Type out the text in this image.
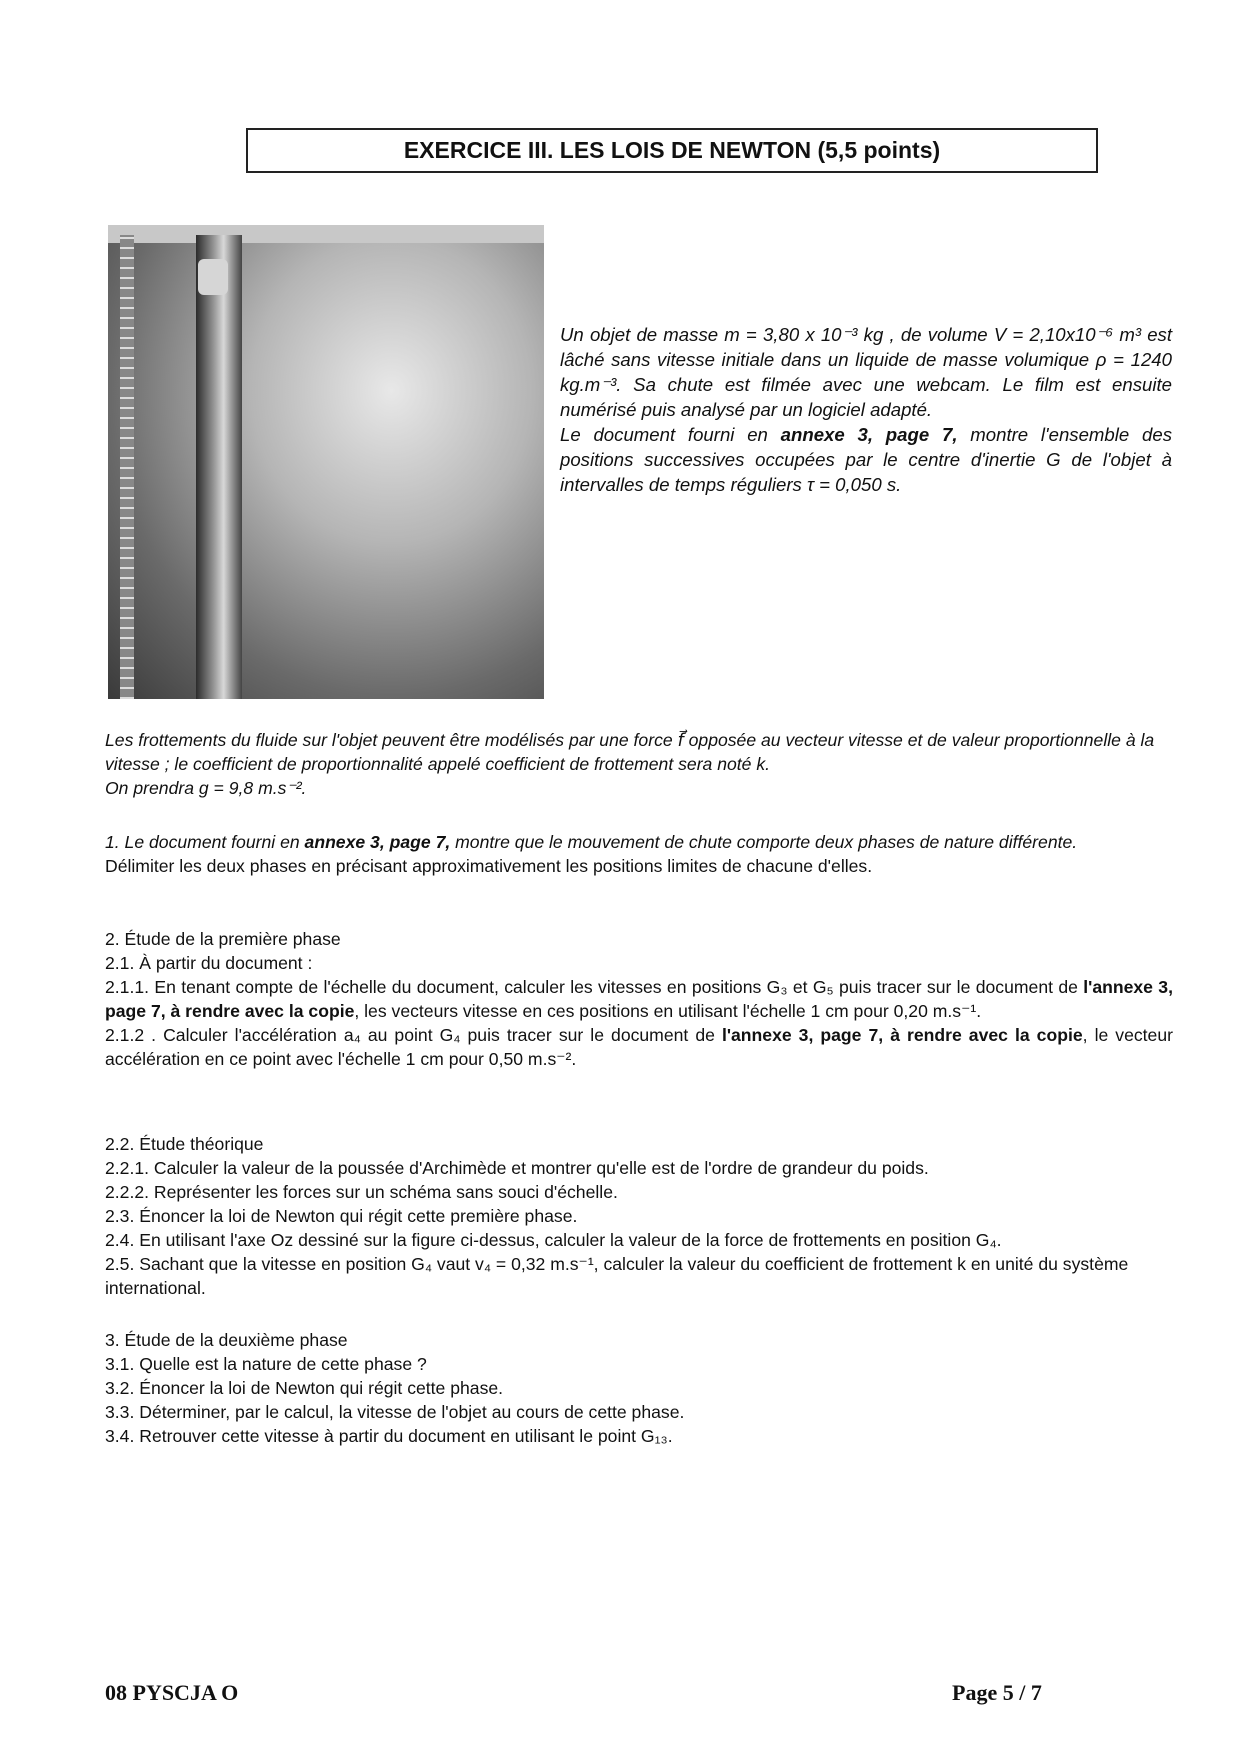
EXERCICE III. LES LOIS DE NEWTON (5,5 points)

Un objet de masse m = 3,80 x 10⁻³ kg , de volume V = 2,10x10⁻⁶ m³ est lâché sans vitesse initiale dans un liquide de masse volumique ρ = 1240 kg.m⁻³. Sa chute est filmée avec une webcam. Le film est ensuite numérisé puis analysé par un logiciel adapté.

Le document fourni en annexe 3, page 7, montre l'ensemble des positions successives occupées par le centre d'inertie G de l'objet à intervalles de temps réguliers τ = 0,050 s.

Les frottements du fluide sur l'objet peuvent être modélisés par une force f⃗ opposée au vecteur vitesse et de valeur proportionnelle à la vitesse ; le coefficient de proportionnalité appelé coefficient de frottement sera noté k.
On prendra g = 9,8 m.s⁻².
1. Le document fourni en annexe 3, page 7, montre que le mouvement de chute comporte deux phases de nature différente.
Délimiter les deux phases en précisant approximativement les positions limites de chacune d'elles.
2. Étude de la première phase
2.1. À partir du document :
2.1.1. En tenant compte de l'échelle du document, calculer les vitesses en positions G₃ et G₅ puis tracer sur le document de l'annexe 3, page 7, à rendre avec la copie, les vecteurs vitesse en ces positions en utilisant l'échelle 1 cm pour 0,20 m.s⁻¹.
2.1.2 . Calculer l'accélération a₄ au point G₄ puis tracer sur le document de l'annexe 3, page 7, à rendre avec la copie, le vecteur accélération en ce point avec l'échelle 1 cm pour 0,50 m.s⁻².
2.2. Étude théorique
2.2.1. Calculer la valeur de la poussée d'Archimède et montrer qu'elle est de l'ordre de grandeur du poids.
2.2.2. Représenter les forces sur un schéma sans souci d'échelle.
2.3. Énoncer la loi de Newton qui régit cette première phase.
2.4. En utilisant l'axe Oz dessiné sur la figure ci-dessus, calculer la valeur de la force de frottements en position G₄.
2.5. Sachant que la vitesse en position G₄ vaut v₄ = 0,32 m.s⁻¹, calculer la valeur du coefficient de frottement k en unité du système international.
3. Étude de la deuxième phase
3.1. Quelle est la nature de cette phase ?
3.2. Énoncer la loi de Newton qui régit cette phase.
3.3. Déterminer, par le calcul, la vitesse de l'objet au cours de cette phase.
3.4. Retrouver cette vitesse à partir du document en utilisant le point G₁₃.
08 PYSCJA O	Page 5 / 7
